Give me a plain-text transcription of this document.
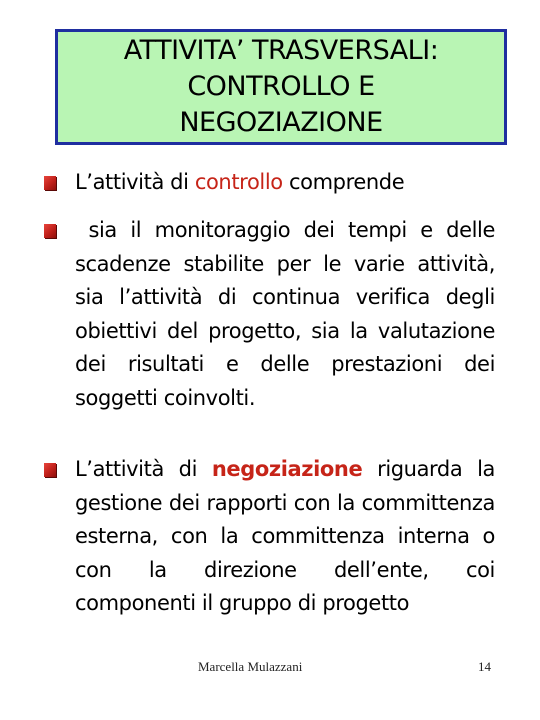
ATTIVITA’ TRASVERSALI:
CONTROLLO E
NEGOZIAZIONE

L’attività di controllo comprende

sia il monitoraggio dei tempi e delle scadenze stabilite per le varie attività, sia l’attività di continua verifica degli obiettivi del progetto, sia la valutazione dei risultati e delle prestazioni dei soggetti coinvolti.

L’attività di negoziazione riguarda la gestione dei rapporti con la committenza esterna, con la committenza interna o con la direzione dell’ente, coi componenti il gruppo di progetto

Marcella Mulazzani	14
